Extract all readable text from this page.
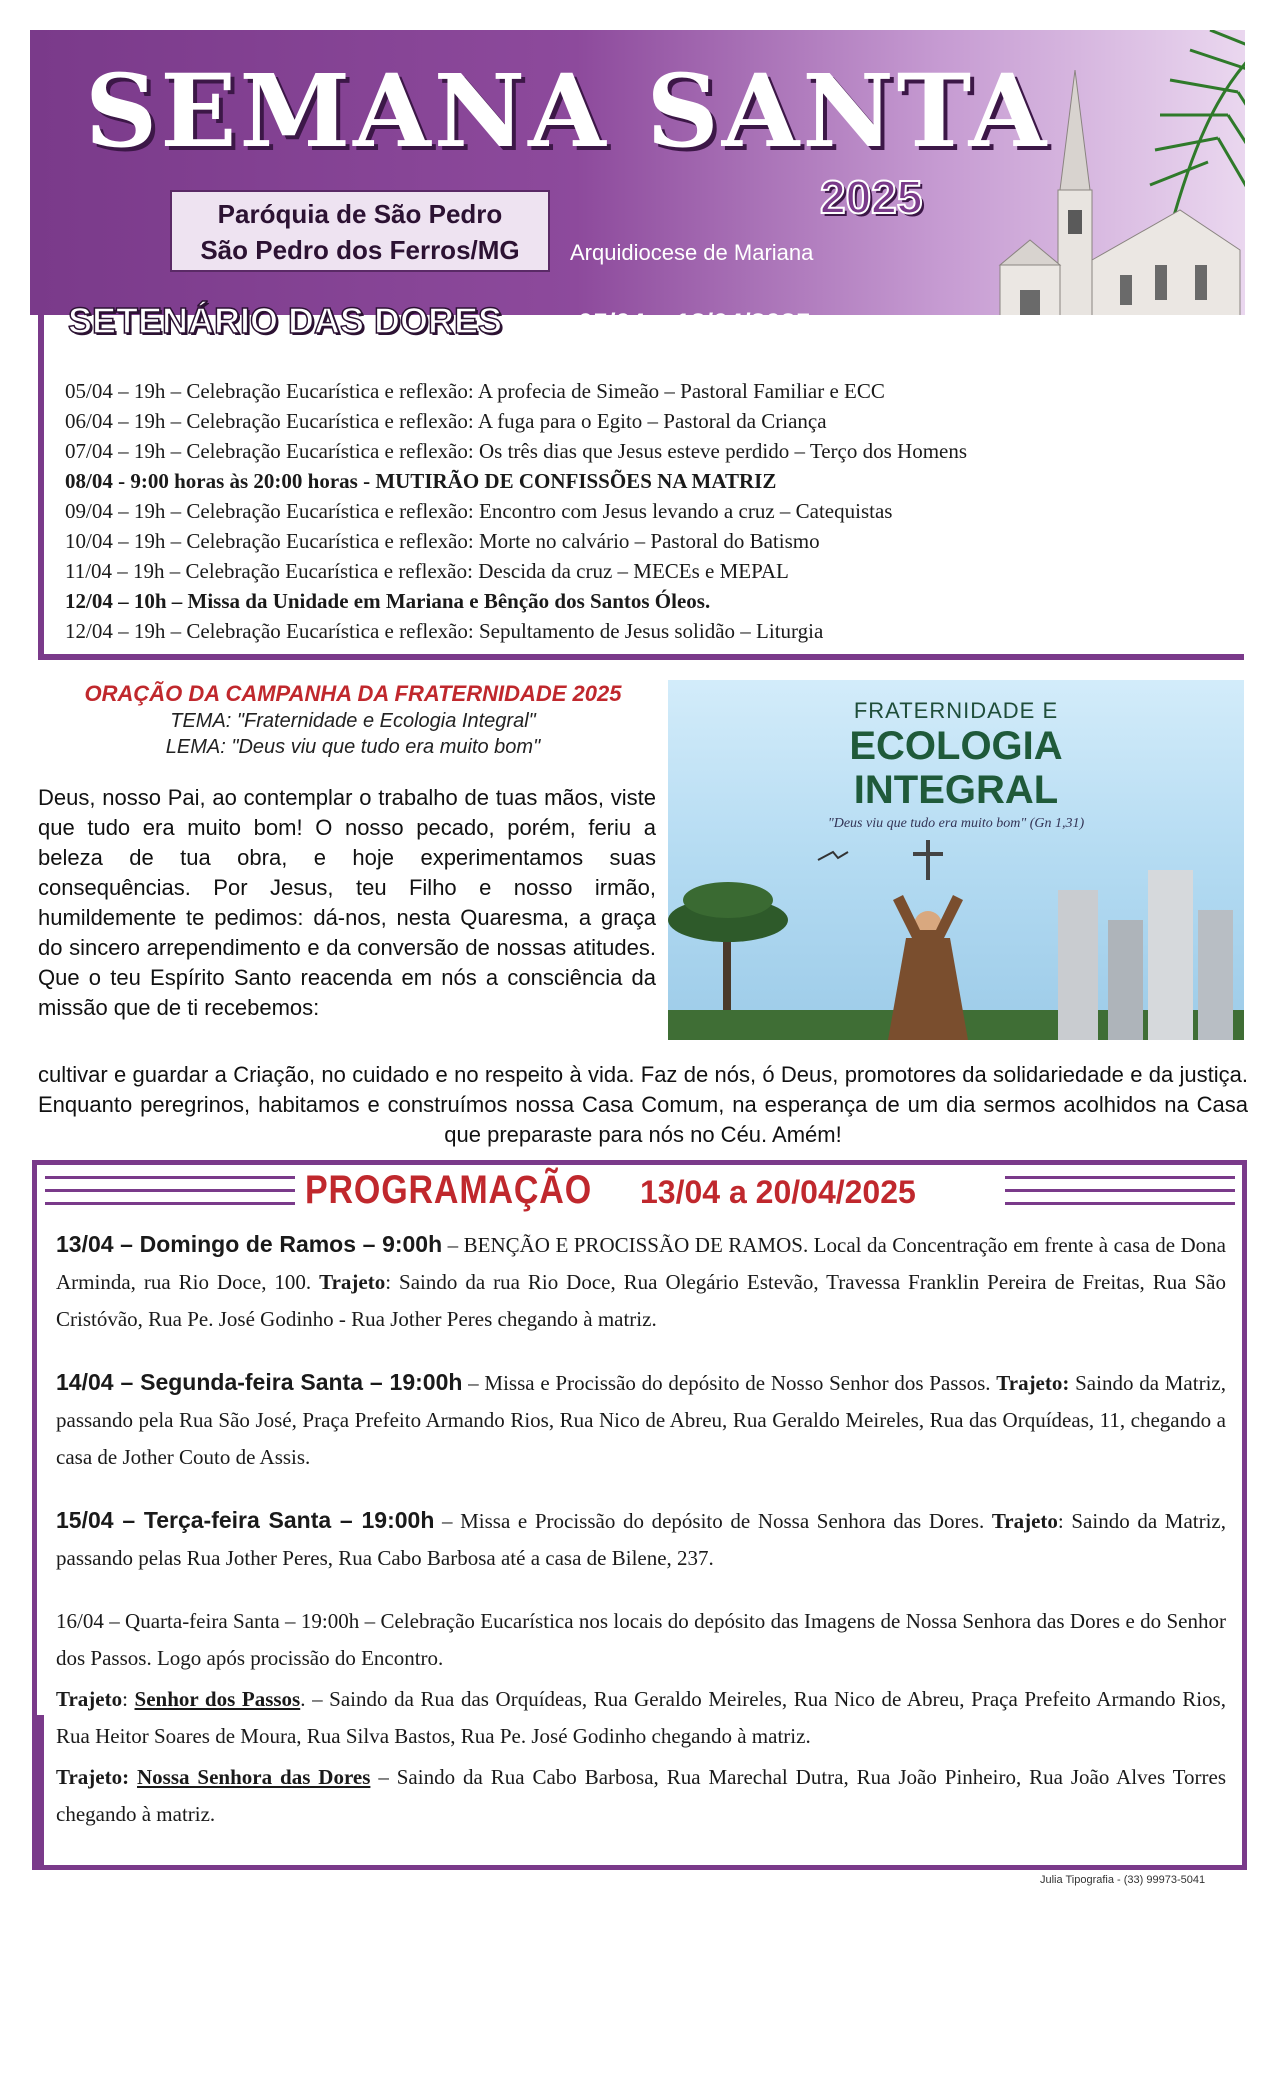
SEMANA SANTA
2025
Paróquia de São Pedro
São Pedro dos Ferros/MG	Arquidiocese de Mariana
SETENÁRIO DAS DORES	05/04 a 12/04/2025
05/04 – 19h – Celebração Eucarística e reflexão: A profecia de Simeão – Pastoral Familiar e ECC
06/04 – 19h – Celebração Eucarística e reflexão: A fuga para o Egito – Pastoral da Criança
07/04 – 19h – Celebração Eucarística e reflexão: Os três dias que Jesus esteve perdido – Terço dos Homens
08/04 - 9:00 horas às 20:00 horas - MUTIRÃO DE CONFISSÕES NA MATRIZ
09/04 – 19h – Celebração Eucarística e reflexão: Encontro com Jesus levando a cruz – Catequistas
10/04 – 19h – Celebração Eucarística e reflexão: Morte no calvário – Pastoral do Batismo
11/04 – 19h – Celebração Eucarística e reflexão: Descida da cruz – MECEs e MEPAL
12/04 – 10h – Missa da Unidade em Mariana e Bênção dos Santos Óleos.
12/04 – 19h – Celebração Eucarística e reflexão: Sepultamento de Jesus solidão – Liturgia
ORAÇÃO DA CAMPANHA DA FRATERNIDADE 2025
TEMA: "Fraternidade e Ecologia Integral"
LEMA: "Deus viu que tudo era muito bom"
Deus, nosso Pai, ao contemplar o trabalho de tuas mãos, viste que tudo era muito bom! O nosso pecado, porém, feriu a beleza de tua obra, e hoje experimentamos suas consequências. Por Jesus, teu Filho e nosso irmão, humildemente te pedimos: dá-nos, nesta Quaresma, a graça do sincero arrependimento e da conversão de nossas atitudes. Que o teu Espírito Santo reacenda em nós a consciência da missão que de ti recebemos:
FRATERNIDADE E
ECOLOGIA
INTEGRAL
"Deus viu que tudo era muito bom" (Gn 1,31)
cultivar e guardar a Criação, no cuidado e no respeito à vida. Faz de nós, ó Deus, promotores da solidariedade e da justiça. Enquanto peregrinos, habitamos e construímos nossa Casa Comum, na esperança de um dia sermos acolhidos na Casa que preparaste para nós no Céu. Amém!
PROGRAMAÇÃO 13/04 a 20/04/2025
13/04 – Domingo de Ramos – 9:00h – BENÇÃO E PROCISSÃO DE RAMOS. Local da Concentração em frente à casa de Dona Arminda, rua Rio Doce, 100. Trajeto: Saindo da rua Rio Doce, Rua Olegário Estevão, Travessa Franklin Pereira de Freitas, Rua São Cristóvão, Rua Pe. José Godinho - Rua Jother Peres chegando à matriz.
14/04 – Segunda-feira Santa – 19:00h – Missa e Procissão do depósito de Nosso Senhor dos Passos. Trajeto: Saindo da Matriz, passando pela Rua São José, Praça Prefeito Armando Rios, Rua Nico de Abreu, Rua Geraldo Meireles, Rua das Orquídeas, 11, chegando a casa de Jother Couto de Assis.
15/04 – Terça-feira Santa – 19:00h – Missa e Procissão do depósito de Nossa Senhora das Dores. Trajeto: Saindo da Matriz, passando pelas Rua Jother Peres, Rua Cabo Barbosa até a casa de Bilene, 237.
16/04 – Quarta-feira Santa – 19:00h – Celebração Eucarística nos locais do depósito das Imagens de Nossa Senhora das Dores e do Senhor dos Passos. Logo após procissão do Encontro.
Trajeto: Senhor dos Passos. – Saindo da Rua das Orquídeas, Rua Geraldo Meireles, Rua Nico de Abreu, Praça Prefeito Armando Rios, Rua Heitor Soares de Moura, Rua Silva Bastos, Rua Pe. José Godinho chegando à matriz.
Trajeto: Nossa Senhora das Dores – Saindo da Rua Cabo Barbosa, Rua Marechal Dutra, Rua João Pinheiro, Rua João Alves Torres chegando à matriz.
Julia Tipografia - (33) 99973-5041
